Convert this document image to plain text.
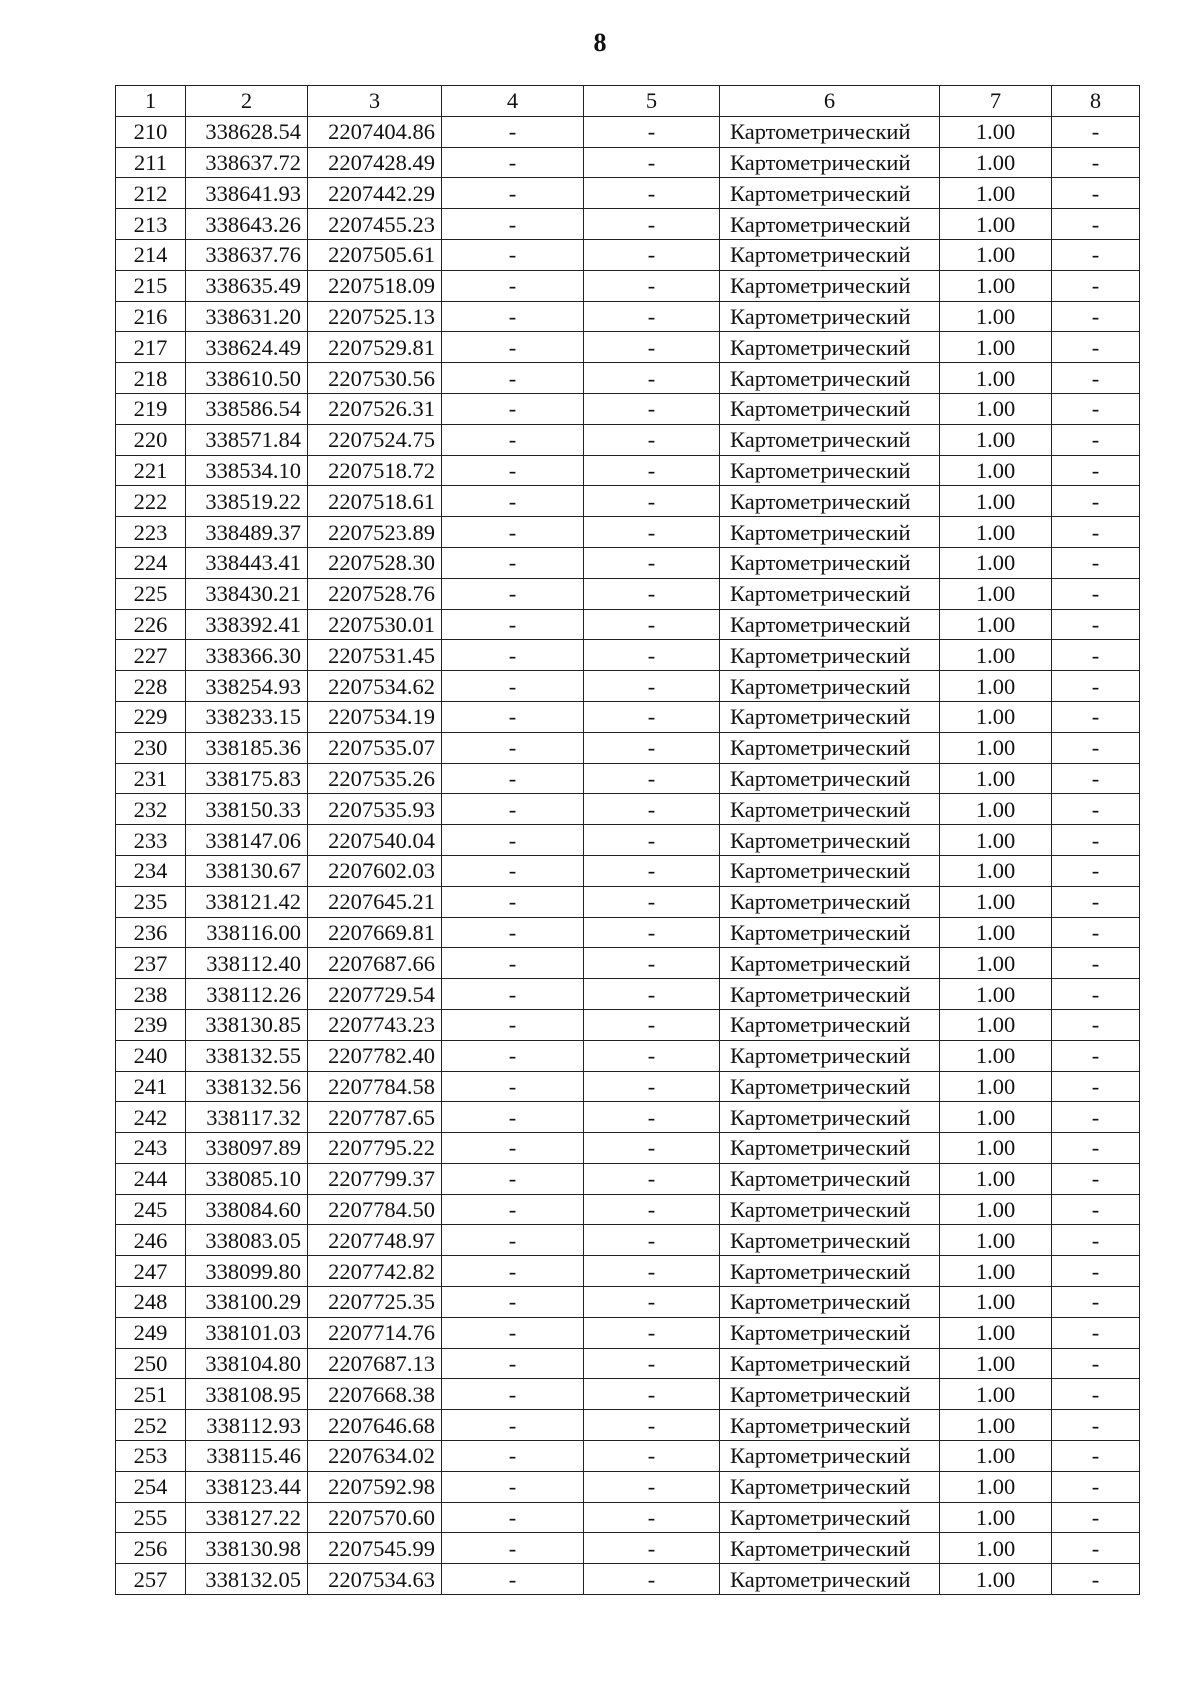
8
1	2	3	4	5	6	7	8
210	338628.54	2207404.86	-	-	Картометрический	1.00	-
211	338637.72	2207428.49	-	-	Картометрический	1.00	-
212	338641.93	2207442.29	-	-	Картометрический	1.00	-
213	338643.26	2207455.23	-	-	Картометрический	1.00	-
214	338637.76	2207505.61	-	-	Картометрический	1.00	-
215	338635.49	2207518.09	-	-	Картометрический	1.00	-
216	338631.20	2207525.13	-	-	Картометрический	1.00	-
217	338624.49	2207529.81	-	-	Картометрический	1.00	-
218	338610.50	2207530.56	-	-	Картометрический	1.00	-
219	338586.54	2207526.31	-	-	Картометрический	1.00	-
220	338571.84	2207524.75	-	-	Картометрический	1.00	-
221	338534.10	2207518.72	-	-	Картометрический	1.00	-
222	338519.22	2207518.61	-	-	Картометрический	1.00	-
223	338489.37	2207523.89	-	-	Картометрический	1.00	-
224	338443.41	2207528.30	-	-	Картометрический	1.00	-
225	338430.21	2207528.76	-	-	Картометрический	1.00	-
226	338392.41	2207530.01	-	-	Картометрический	1.00	-
227	338366.30	2207531.45	-	-	Картометрический	1.00	-
228	338254.93	2207534.62	-	-	Картометрический	1.00	-
229	338233.15	2207534.19	-	-	Картометрический	1.00	-
230	338185.36	2207535.07	-	-	Картометрический	1.00	-
231	338175.83	2207535.26	-	-	Картометрический	1.00	-
232	338150.33	2207535.93	-	-	Картометрический	1.00	-
233	338147.06	2207540.04	-	-	Картометрический	1.00	-
234	338130.67	2207602.03	-	-	Картометрический	1.00	-
235	338121.42	2207645.21	-	-	Картометрический	1.00	-
236	338116.00	2207669.81	-	-	Картометрический	1.00	-
237	338112.40	2207687.66	-	-	Картометрический	1.00	-
238	338112.26	2207729.54	-	-	Картометрический	1.00	-
239	338130.85	2207743.23	-	-	Картометрический	1.00	-
240	338132.55	2207782.40	-	-	Картометрический	1.00	-
241	338132.56	2207784.58	-	-	Картометрический	1.00	-
242	338117.32	2207787.65	-	-	Картометрический	1.00	-
243	338097.89	2207795.22	-	-	Картометрический	1.00	-
244	338085.10	2207799.37	-	-	Картометрический	1.00	-
245	338084.60	2207784.50	-	-	Картометрический	1.00	-
246	338083.05	2207748.97	-	-	Картометрический	1.00	-
247	338099.80	2207742.82	-	-	Картометрический	1.00	-
248	338100.29	2207725.35	-	-	Картометрический	1.00	-
249	338101.03	2207714.76	-	-	Картометрический	1.00	-
250	338104.80	2207687.13	-	-	Картометрический	1.00	-
251	338108.95	2207668.38	-	-	Картометрический	1.00	-
252	338112.93	2207646.68	-	-	Картометрический	1.00	-
253	338115.46	2207634.02	-	-	Картометрический	1.00	-
254	338123.44	2207592.98	-	-	Картометрический	1.00	-
255	338127.22	2207570.60	-	-	Картометрический	1.00	-
256	338130.98	2207545.99	-	-	Картометрический	1.00	-
257	338132.05	2207534.63	-	-	Картометрический	1.00	-
